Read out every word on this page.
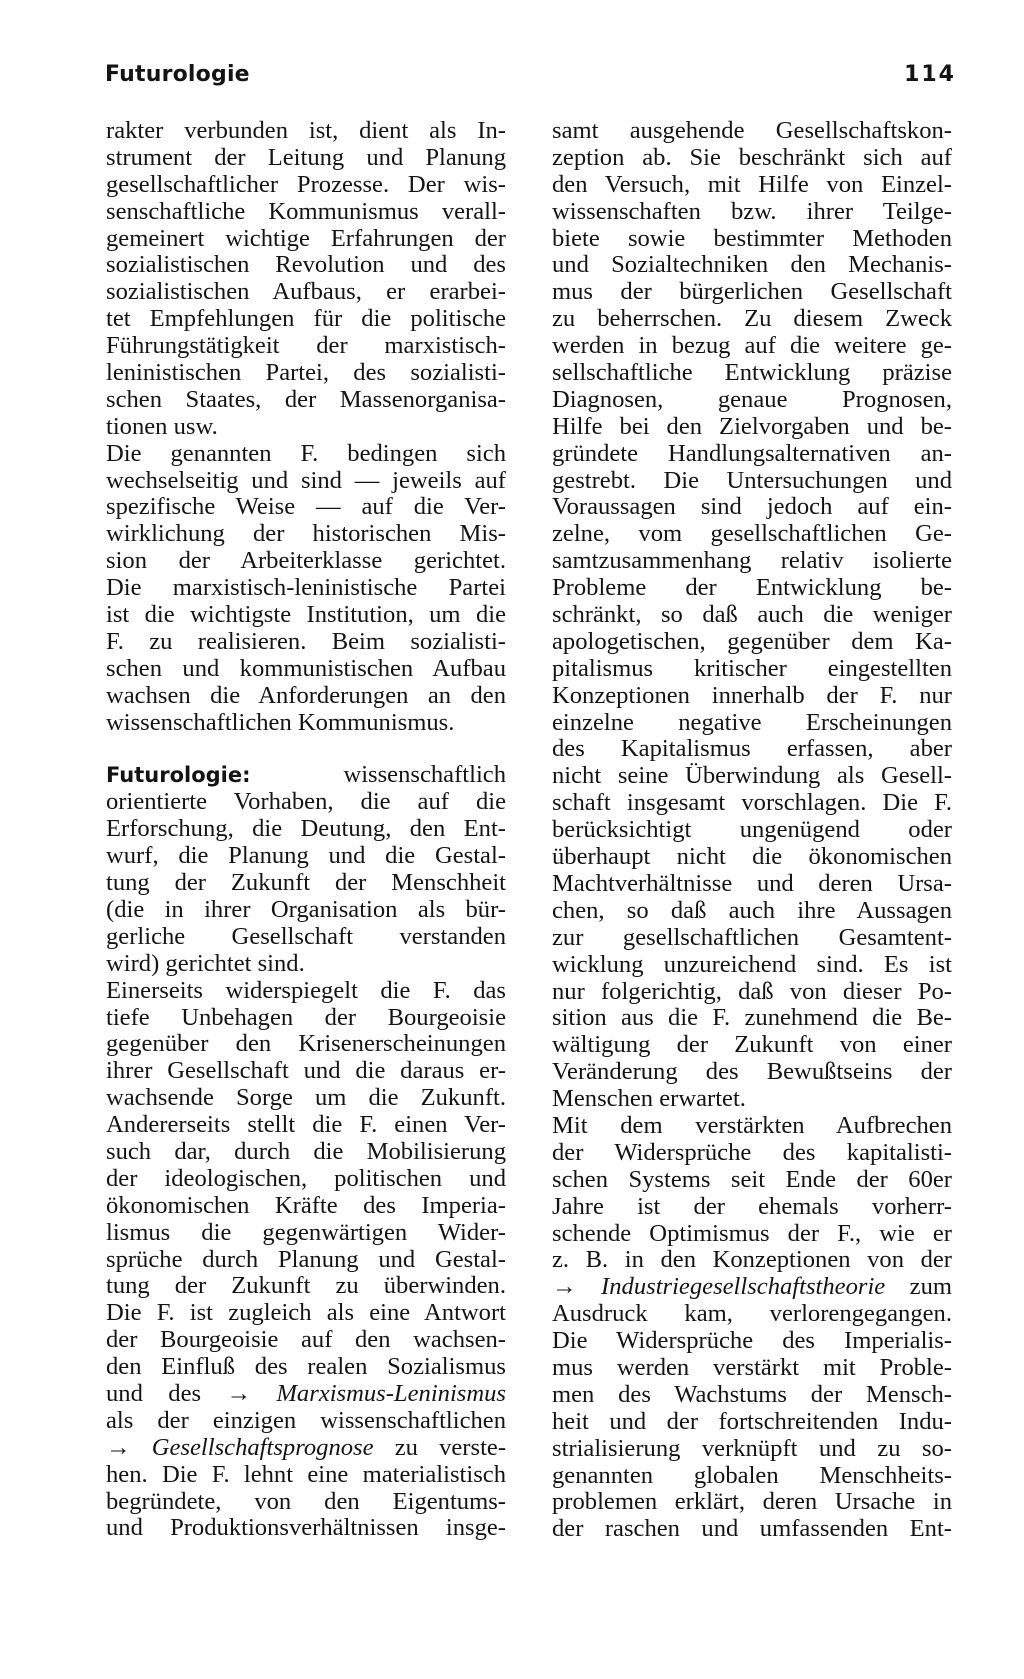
Futurologie	114
rakter verbunden ist, dient als In-
strument der Leitung und Planung
gesellschaftlicher Prozesse. Der wis-
senschaftliche Kommunismus verall-
gemeinert wichtige Erfahrungen der
sozialistischen Revolution und des
sozialistischen Aufbaus, er erarbei-
tet Empfehlungen für die politische
Führungstätigkeit der marxistisch-
leninistischen Partei, des sozialisti-
schen Staates, der Massenorganisa-
tionen usw.
Die genannten F. bedingen sich
wechselseitig und sind — jeweils auf
spezifische Weise — auf die Ver-
wirklichung der historischen Mis-
sion der Arbeiterklasse gerichtet.
Die marxistisch-leninistische Partei
ist die wichtigste Institution, um die
F. zu realisieren. Beim sozialisti-
schen und kommunistischen Aufbau
wachsen die Anforderungen an den
wissenschaftlichen Kommunismus.
Futurologie:	wissenschaftlich
orientierte Vorhaben, die auf die
Erforschung, die Deutung, den Ent-
wurf, die Planung und die Gestal-
tung der Zukunft der Menschheit
(die in ihrer Organisation als bür-
gerliche Gesellschaft verstanden
wird) gerichtet sind.
Einerseits widerspiegelt die F. das
tiefe Unbehagen der Bourgeoisie
gegenüber den Krisenerscheinungen
ihrer Gesellschaft und die daraus er-
wachsende Sorge um die Zukunft.
Andererseits stellt die F. einen Ver-
such dar, durch die Mobilisierung
der ideologischen, politischen und
ökonomischen Kräfte des Imperia-
lismus die gegenwärtigen Wider-
sprüche durch Planung und Gestal-
tung der Zukunft zu überwinden.
Die F. ist zugleich als eine Antwort
der Bourgeoisie auf den wachsen-
den Einfluß des realen Sozialismus
und des → Marxismus-Leninismus
als der einzigen wissenschaftlichen
→ Gesellschaftsprognose zu verste-
hen. Die F. lehnt eine materialistisch
begründete, von den Eigentums-
und Produktionsverhältnissen insge-
samt ausgehende Gesellschaftskon-
zeption ab. Sie beschränkt sich auf
den Versuch, mit Hilfe von Einzel-
wissenschaften bzw. ihrer Teilge-
biete sowie bestimmter Methoden
und Sozialtechniken den Mechanis-
mus der bürgerlichen Gesellschaft
zu beherrschen. Zu diesem Zweck
werden in bezug auf die weitere ge-
sellschaftliche Entwicklung präzise
Diagnosen, genaue Prognosen,
Hilfe bei den Zielvorgaben und be-
gründete Handlungsalternativen an-
gestrebt. Die Untersuchungen und
Voraussagen sind jedoch auf ein-
zelne, vom gesellschaftlichen Ge-
samtzusammenhang relativ isolierte
Probleme der Entwicklung be-
schränkt, so daß auch die weniger
apologetischen, gegenüber dem Ka-
pitalismus kritischer eingestellten
Konzeptionen innerhalb der F. nur
einzelne negative Erscheinungen
des Kapitalismus erfassen, aber
nicht seine Überwindung als Gesell-
schaft insgesamt vorschlagen. Die F.
berücksichtigt ungenügend oder
überhaupt nicht die ökonomischen
Machtverhältnisse und deren Ursa-
chen, so daß auch ihre Aussagen
zur gesellschaftlichen Gesamtent-
wicklung unzureichend sind. Es ist
nur folgerichtig, daß von dieser Po-
sition aus die F. zunehmend die Be-
wältigung der Zukunft von einer
Veränderung des Bewußtseins der
Menschen erwartet.
Mit dem verstärkten Aufbrechen
der Widersprüche des kapitalisti-
schen Systems seit Ende der 60er
Jahre ist der ehemals vorherr-
schende Optimismus der F., wie er
z. B. in den Konzeptionen von der
→ Industriegesellschaftstheorie zum
Ausdruck kam, verlorengegangen.
Die Widersprüche des Imperialis-
mus werden verstärkt mit Proble-
men des Wachstums der Mensch-
heit und der fortschreitenden Indu-
strialisierung verknüpft und zu so-
genannten globalen Menschheits-
problemen erklärt, deren Ursache in
der raschen und umfassenden Ent-
